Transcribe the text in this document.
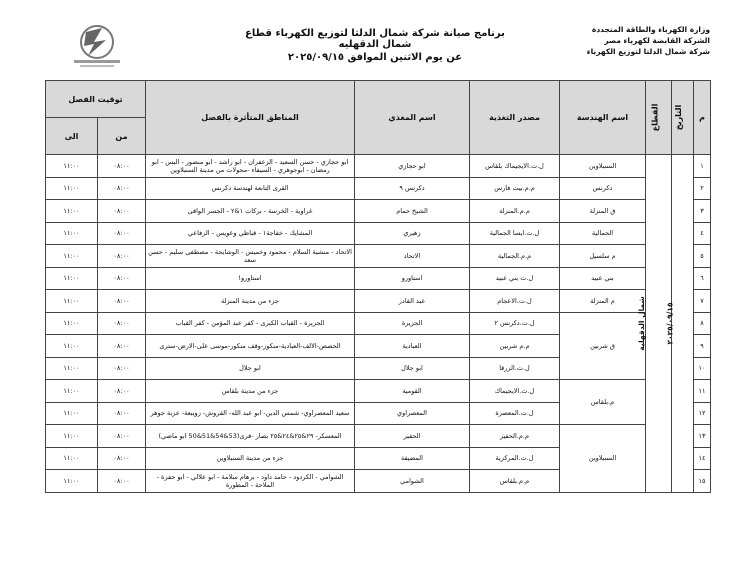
برنامج صيانة شركة شمال الدلتا لتوزيع الكهرباء قطاع شمال الدقهليه
عن يوم الاثنين الموافق ٢٠٢٥/٠٩/١٥
وزارة الكهرباء والطاقة المتجددة
الشركة القابضة لكهرباء مصر
شركة شمال الدلتا لتوزيع الكهرباء
م	التاريخ	القطاع	اسم الهندسة	مصدر التغذية	اسم المغذي	المناطق المتأثرة بالفصل	توقيت الفصل	
							من	الى
١	٢٠٢٥/٠٩/١٥	شمال الدقهلية	السنبلاوين	ل.ت.الايجيماك بلقاس	ابو حجازي	ابو حجازي - حسن السعيد - الزعفران - ابو راشد - ابو منصور - البس - ابو رمضان - ابوجوهري - السيفاء -محولات من مدينة السنبلاوين	٠٨:٠٠	١١:٠٠
٢			دكرنس	م.م.بيت فارس	دكرنس ٩	القرى التابعة لهندسة دكرنس	٠٨:٠٠	١١:٠٠
٣			ق المنزلة	م.م.المنزلة	الشيخ حمام	غراوية - الخرسة - بركات ١&٢ - الجسر الواقى	٠٨:٠٠	١١:٠٠
٤			الجمالية	ل.ت.ايسا الجمالية	زهيري	المشايك - خفاجة١ - قباطي وعويس - الرفاعي	٠٨:٠٠	١١:٠٠
٥			م سلسيل	م.م.الجمالية	الاتحاد	الاتحاد - منشية السلام - محمود وخميس - الوشايحة - مصطفى سليم - حسن سعد	٠٨:٠٠	١١:٠٠
٦			بني عبيد	ل.ت بني عبيد	استاورو	استاورو!	٠٨:٠٠	١١:٠٠
٧			م المنزلة	ل.ت.الاعجام	عبد القادر	جزء من مدينة المنزلة	٠٨:٠٠	١١:٠٠
٨			ق شربين	ل.ت.دكرنس ٢	الجزيرة	الجزيرة - القباب الكبرى - كفر عبد المؤمن - كفر القباب	٠٨:٠٠	١١:٠٠
٩				م.م شربين	العبادية	الحصص-الالف-العبادية-منكور-وقف منكور-موسى على-الارض-سترى	٠٨:٠٠	١١:٠٠
١٠				ل.ت.الزرقا	ابو جلال	ابو جلال	٠٨:٠٠	١١:٠٠
١١			م.بلقاس	ل.ت.الايجيماك	القومية	جزء من مدينة بلقاس	٠٨:٠٠	١١:٠٠
١٢				ل.ت.المعصرة	المعصراوي	سعيد المعصراوي- شمس الدين- ابو عبد الله- القروش- زويبعة- عزبة جوهر	٠٨:٠٠	١١:٠٠
١٣			السنبلاوين	م.م.الحفير	الحفير	المعسكر- ٢٩&٢٥&٢٤&٢٥ بصار -قرى(53&54&51&50 ابو ماضي)	٠٨:٠٠	١١:٠٠
١٤				ل.ت.المركزية	المضيفة	جزء من مدينة السنبلاوين	٠٨:٠٠	١١:٠٠
١٥				م.م.بلقاس	الشوامي	الشوامي - الكردود - حامد داود - برهام سلامة - ابو علالي - ابو حفرة - الملاحة - المطورة	٠٨:٠٠	١١:٠٠
